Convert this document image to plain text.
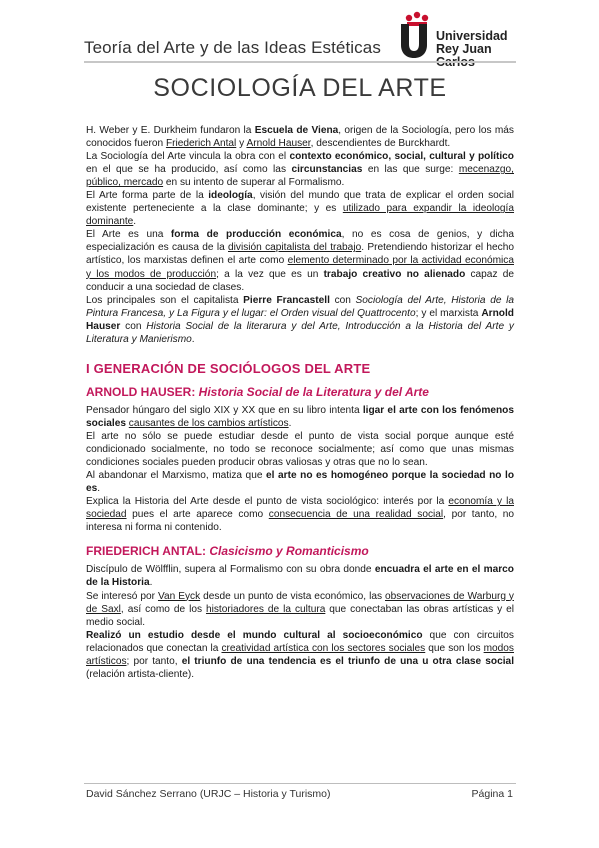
Teoría del Arte y de las Ideas Estéticas
Universidad
Rey Juan
SOCIOLOGÍA DEL ARTE

H. Weber y E. Durkheim fundaron la Escuela de Viena, origen de la Sociología, pero los más conocidos fueron Friederich Antal y Arnold Hauser, descendientes de Burckhardt.

La Sociología del Arte vincula la obra con el contexto económico, social, cultural y político en el que se ha producido, así como las circunstancias en las que surge: mecenazgo, público, mercado en su intento de superar al Formalismo.

El Arte forma parte de la ideología, visión del mundo que trata de explicar el orden social existente perteneciente a la clase dominante; y es utilizado para expandir la ideología dominante.

El Arte es una forma de producción económica, no es cosa de genios, y dicha especialización es causa de la división capitalista del trabajo. Pretendiendo historizar el hecho artístico, los marxistas definen el arte como elemento determinado por la actividad económica y los modos de producción; a la vez que es un trabajo creativo no alienado capaz de conducir a una sociedad de clases.

Los principales son el capitalista Pierre Francastell con Sociología del Arte, Historia de la Pintura Francesa, y La Figura y el lugar: el Orden visual del Quattrocento; y el marxista Arnold Hauser con Historia Social de la literarura y del Arte, Introducción a la Historia del Arte y Literatura y Manierismo.

I GENERACIÓN DE SOCIÓLOGOS DEL ARTE

ARNOLD HAUSER: Historia Social de la Literatura y del Arte

Pensador húngaro del siglo XIX y XX que en su libro intenta ligar el arte con los fenómenos sociales causantes de los cambios artísticos.

El arte no sólo se puede estudiar desde el punto de vista social porque aunque esté condicionado socialmente, no todo se reconoce socialmente; así como que unas mismas condiciones sociales pueden producir obras valiosas y otras que no lo sean.

Al abandonar el Marxismo, matiza que el arte no es homogéneo porque la sociedad no lo es.

Explica la Historia del Arte desde el punto de vista sociológico: interés por la economía y la sociedad pues el arte aparece como consecuencia de una realidad social, por tanto, no interesa ni forma ni contenido.

FRIEDERICH ANTAL: Clasicismo y Romanticismo

Discípulo de Wölfflin, supera al Formalismo con su obra donde encuadra el arte en el marco de la Historia.

Se interesó por Van Eyck desde un punto de vista económico, las observaciones de Warburg y de Saxl, así como de los historiadores de la cultura que conectaban las obras artísticas y el medio social.

Realizó un estudio desde el mundo cultural al socioeconómico que con circuitos relacionados que conectan la creatividad artística con los sectores sociales que son los modos artísticos; por tanto, el triunfo de una tendencia es el triunfo de una u otra clase social (relación artista-cliente).

David Sánchez Serrano (URJC – Historia y Turismo)	Página 1
